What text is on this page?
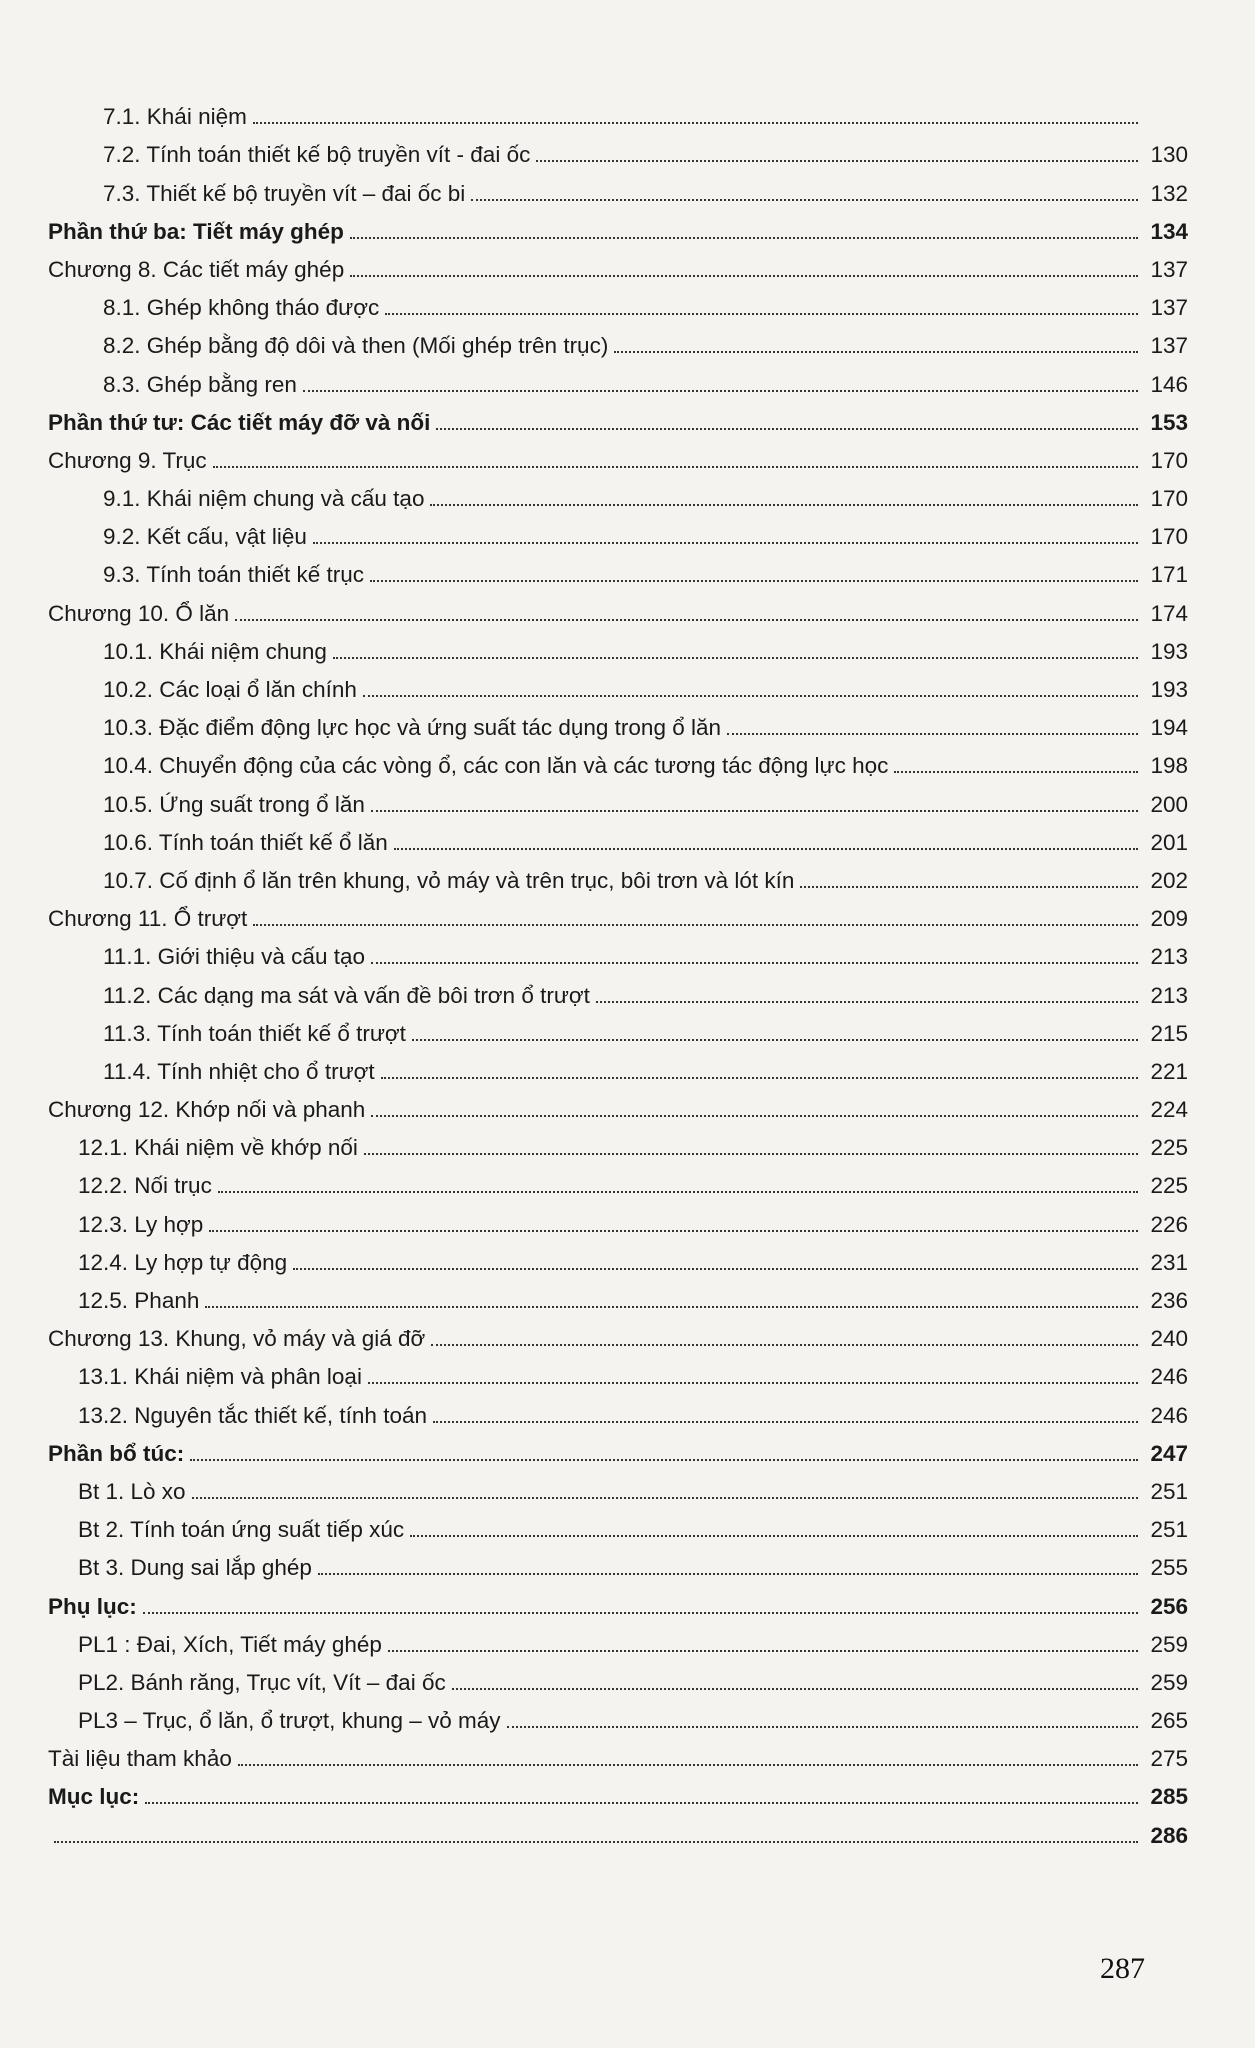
7.1. Khái niệm
7.2. Tính toán thiết kế bộ truyền vít - đai ốc	130
7.3. Thiết kế bộ truyền vít – đai ốc bi	132
Phần thứ ba: Tiết máy ghép	134
Chương 8. Các tiết máy ghép	137
8.1. Ghép không tháo được	137
8.2. Ghép bằng độ dôi và then (Mối ghép trên trục)	137
8.3. Ghép bằng ren	146
Phần thứ tư: Các tiết máy đỡ và nối	153
Chương 9. Trục	170
9.1. Khái niệm chung và cấu tạo	170
9.2. Kết cấu, vật liệu	170
9.3. Tính toán thiết kế trục	171
Chương 10. Ổ lăn	174
10.1. Khái niệm chung	193
10.2. Các loại ổ lăn chính	193
10.3. Đặc điểm động lực học và ứng suất tác dụng trong ổ lăn	194
10.4. Chuyển động của các vòng ổ, các con lăn và các tương tác động lực học	198
10.5. Ứng suất trong ổ lăn	200
10.6. Tính toán thiết kế ổ lăn	201
10.7. Cố định ổ lăn trên khung, vỏ máy và trên trục, bôi trơn và lót kín	202
Chương 11. Ổ trượt	209
11.1. Giới thiệu và cấu tạo	213
11.2. Các dạng ma sát và vấn đề bôi trơn ổ trượt	213
11.3. Tính toán thiết kế ổ trượt	215
11.4. Tính nhiệt cho ổ trượt	221
Chương 12. Khớp nối và phanh	224
12.1. Khái niệm về khớp nối	225
12.2. Nối trục	225
12.3. Ly hợp	226
12.4. Ly hợp tự động	231
12.5. Phanh	236
Chương 13. Khung, vỏ máy và giá đỡ	240
13.1. Khái niệm và phân loại	246
13.2. Nguyên tắc thiết kế, tính toán	246
Phần bổ túc:	247
Bt 1. Lò xo	251
Bt 2. Tính toán ứng suất tiếp xúc	251
Bt 3. Dung sai lắp ghép	255
Phụ lục:	256
PL1 : Đai, Xích, Tiết máy ghép	259
PL2. Bánh răng, Trục vít, Vít – đai ốc	259
PL3 – Trục, ổ lăn, ổ trượt, khung – vỏ máy	265
Tài liệu tham khảo	275
Mục lục:	285
286
287
